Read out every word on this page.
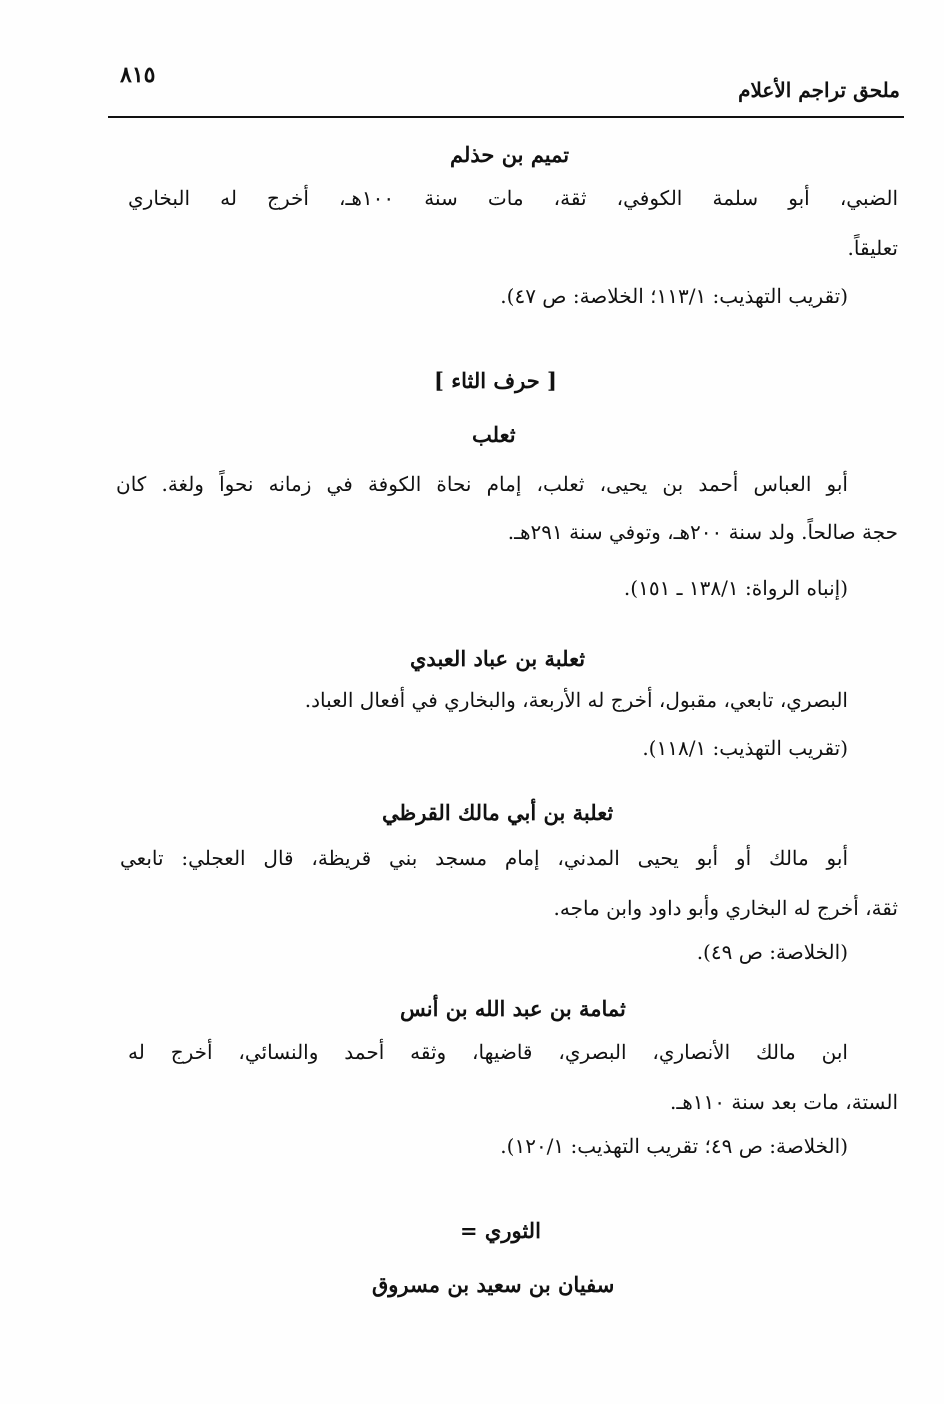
٨١٥
ملحق تراجم الأعلام
تميم بن حذلم
الضبي، أبو سلمة الكوفي، ثقة، مات سنة ١٠٠هـ، أخرج له البخاري
تعليقاً.
(تقريب التهذيب: ١١٣/١؛ الخلاصة: ص ٤٧).
[ حرف الثاء ]
ثعلب
أبو العباس أحمد بن يحيى، ثعلب، إمام نحاة الكوفة في زمانه نحواً ولغة. كان
حجة صالحاً. ولد سنة ٢٠٠هـ، وتوفي سنة ٢٩١هـ.
(إنباه الرواة: ١٣٨/١ ـ ١٥١).
ثعلبة بن عباد العبدي
البصري، تابعي، مقبول، أخرج له الأربعة، والبخاري في أفعال العباد.
(تقريب التهذيب: ١١٨/١).
ثعلبة بن أبي مالك القرظي
أبو مالك أو أبو يحيى المدني، إمام مسجد بني قريظة، قال العجلي: تابعي
ثقة، أخرج له البخاري وأبو داود وابن ماجه.
(الخلاصة: ص ٤٩).
ثمامة بن عبد الله بن أنس
ابن مالك الأنصاري، البصري، قاضيها، وثقه أحمد والنسائي، أخرج له
الستة، مات بعد سنة ١١٠هـ.
(الخلاصة: ص ٤٩؛ تقريب التهذيب: ١٢٠/١).
الثوري =
سفيان بن سعيد بن مسروق
